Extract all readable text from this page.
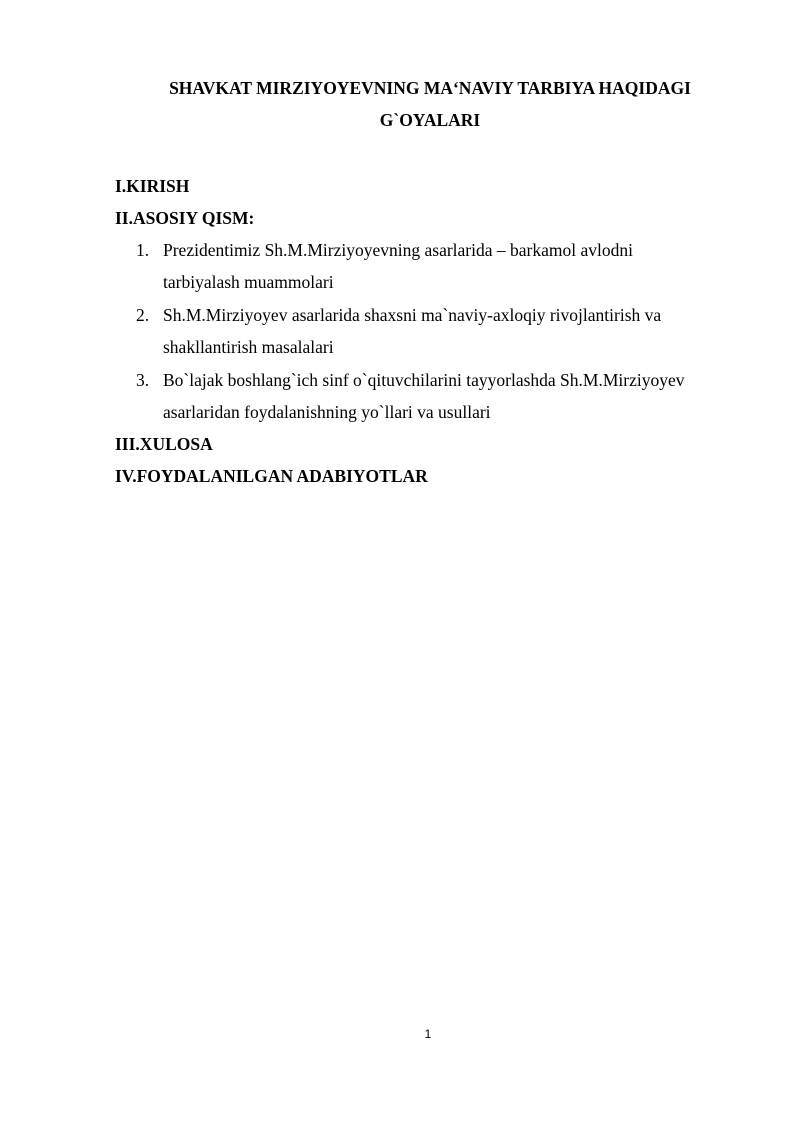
SHAVKAT MIRZIYOYEVNING MA‘NAVIY TARBIYA HAQIDAGI
G`OYALARI
I.KIRISH
II.ASOSIY QISM:
1. Prezidentimiz Sh.M.Mirziyoyevning asarlarida – barkamol avlodni
tarbiyalash muammolari
2. Sh.M.Mirziyoyev asarlarida shaxsni ma`naviy-axloqiy rivojlantirish va
shakllantirish masalalari
3. Bo`lajak boshlang`ich sinf o`qituvchilarini tayyorlashda Sh.M.Mirziyoyev
asarlaridan foydalanishning yo`llari va usullari
III.XULOSA
IV.FOYDALANILGAN ADABIYOTLAR
1
